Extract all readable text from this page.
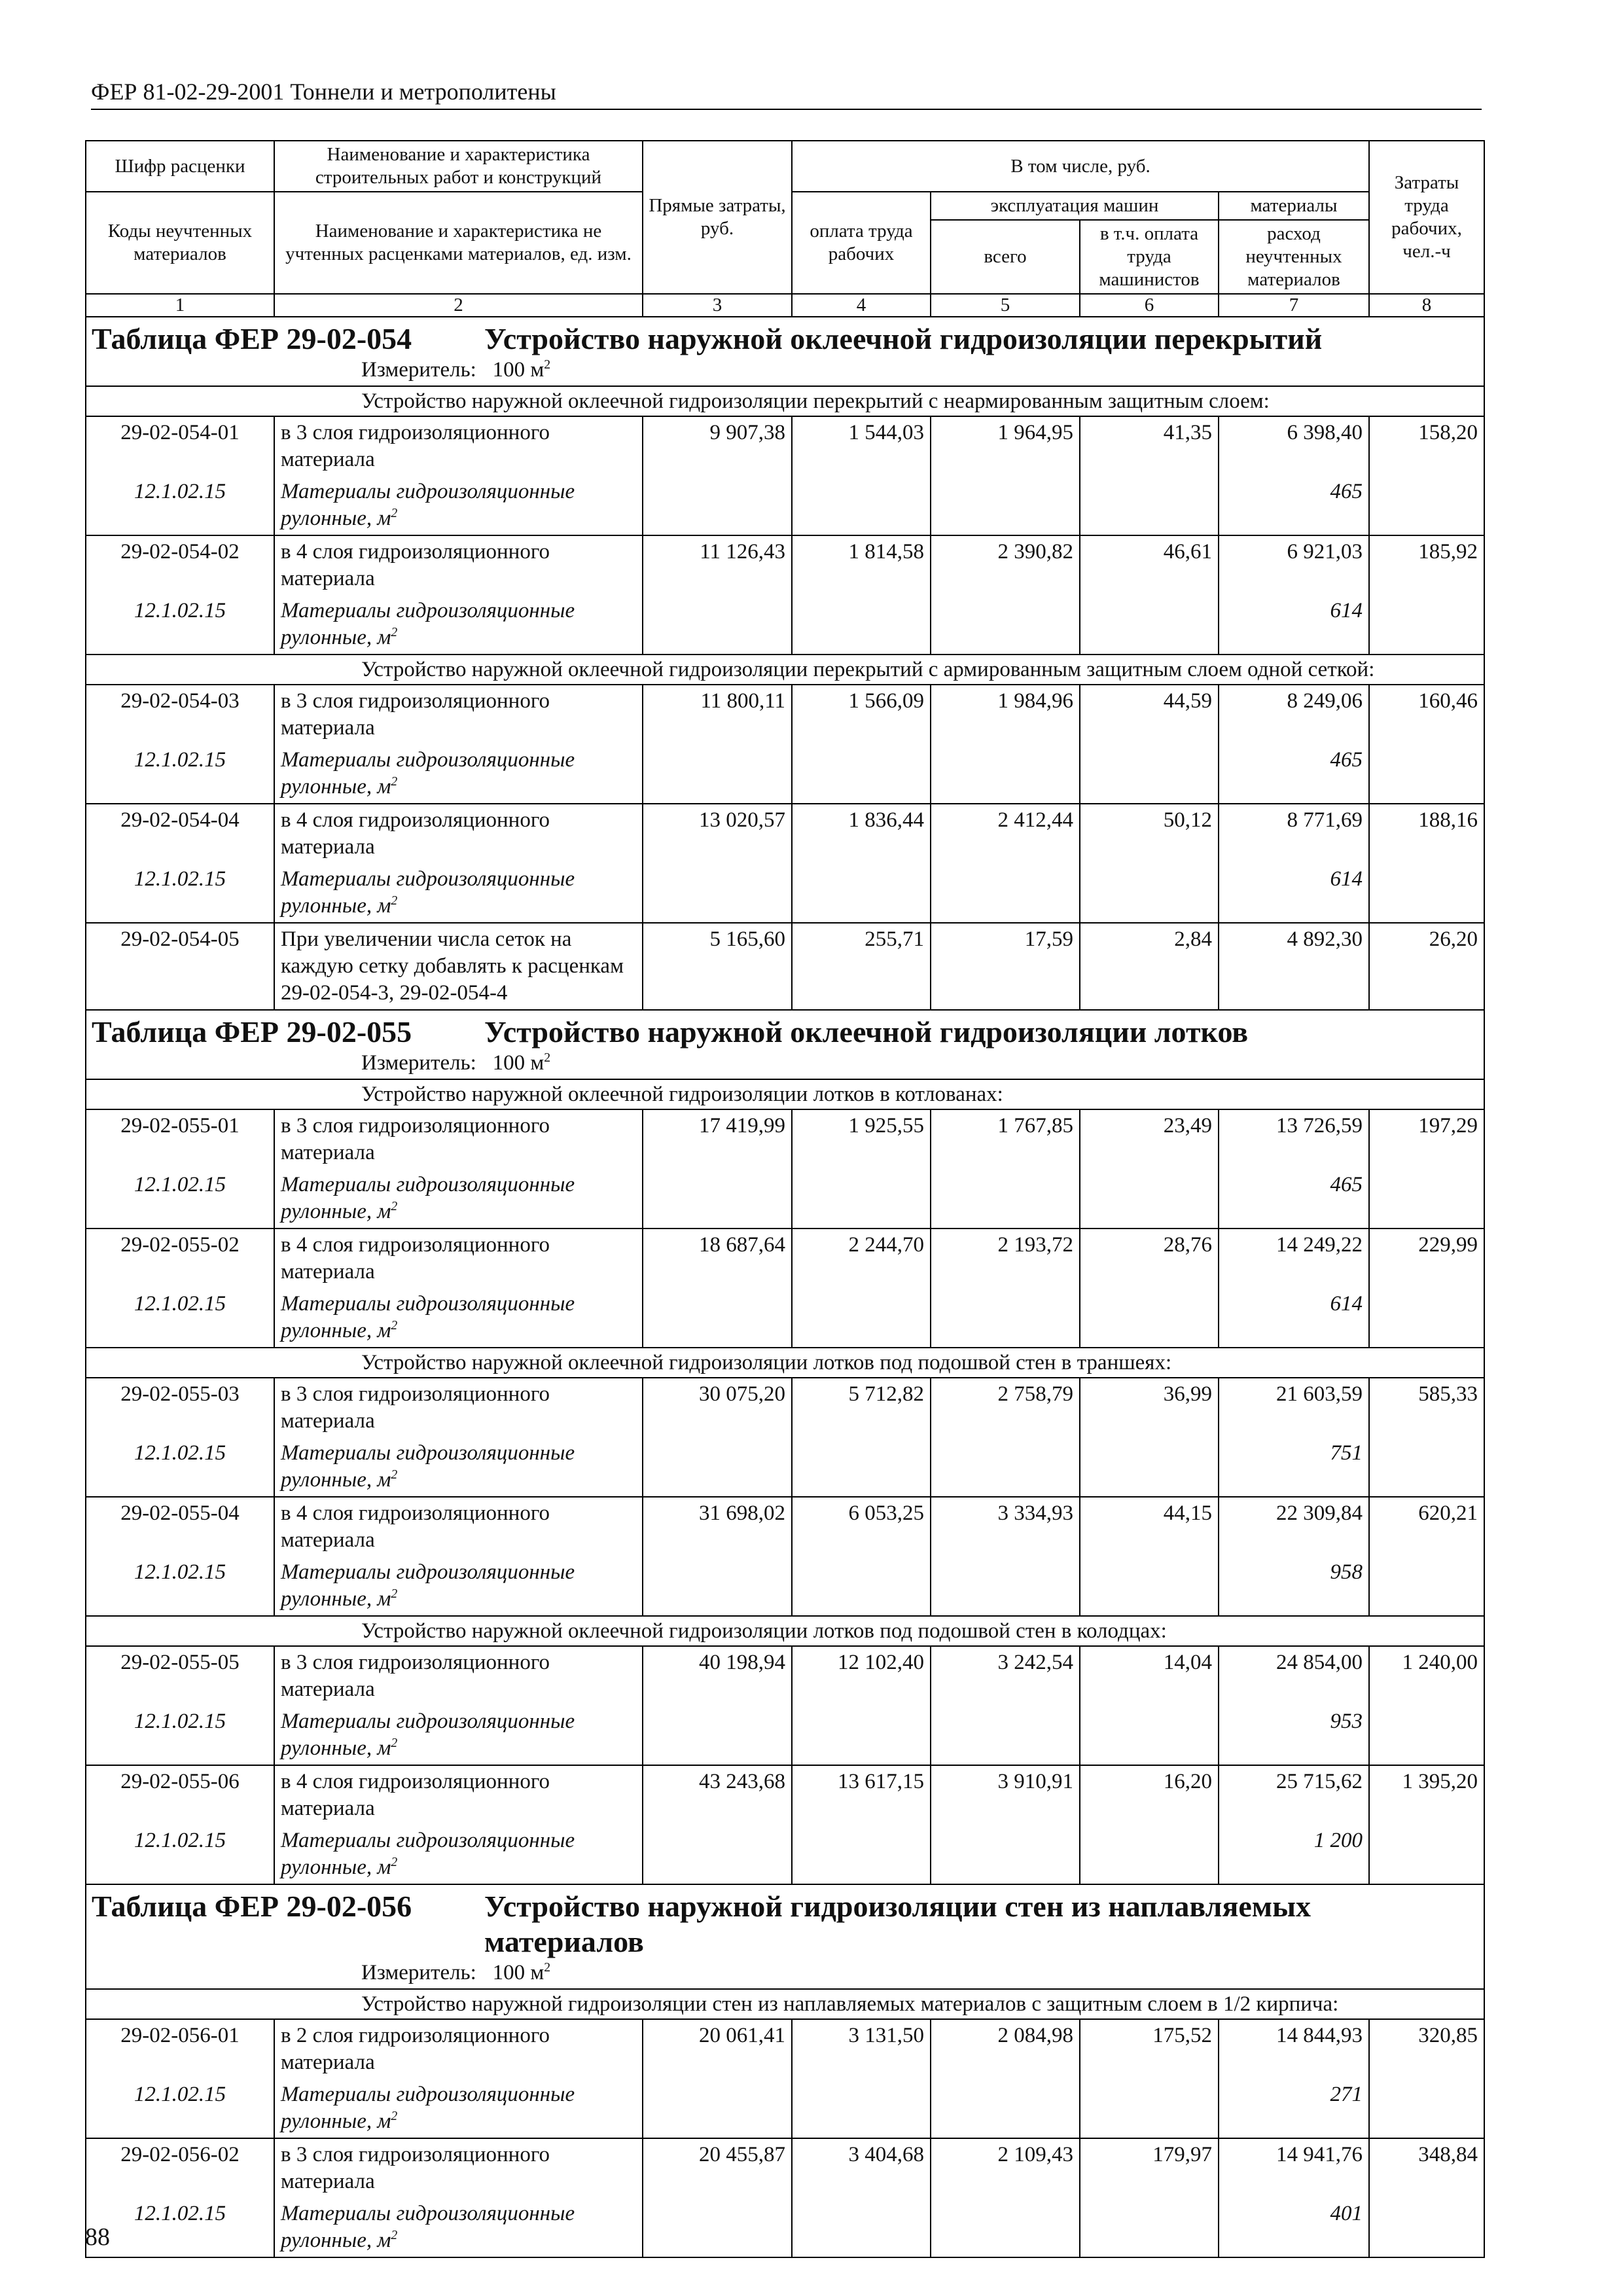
ФЕР 81-02-29-2001 Тоннели и метрополитены
Шифр расценки	Наименование и характеристика строительных работ и конструкций	Прямые затраты, руб.	В том числе, руб.				Затраты труда рабочих, чел.-ч
Коды неучтенных материалов	Наименование и характеристика не учтенных расценками материалов, ед. изм.						
			оплата труда рабочих	эксплуатация машин		материалы	
				всего	в т.ч. оплата труда машинистов	расход неучтенных материалов	
1	2	3	4	5	6	7	8
Таблица ФЕР 29-02-054 Устройство наружной оклеечной гидроизоляции перекрытий							
Измеритель: 100 $м^2$
Устройство наружной оклеечной гидроизоляции перекрытий с неармированным защитным слоем:							
29-02-054-01	в 3 слоя гидроизоляционного материала	9 907,38	1 544,03	1 964,95	41,35	6 398,40	158,20
12.1.02.15	Материалы гидроизоляционные рулонные, $м^2$					465	
29-02-054-02	в 4 слоя гидроизоляционного материала	11 126,43	1 814,58	2 390,82	46,61	6 921,03	185,92
12.1.02.15	Материалы гидроизоляционные рулонные, $м^2$					614	
Устройство наружной оклеечной гидроизоляции перекрытий с армированным защитным слоем одной сеткой:							
29-02-054-03	в 3 слоя гидроизоляционного материала	11 800,11	1 566,09	1 984,96	44,59	8 249,06	160,46
12.1.02.15	Материалы гидроизоляционные рулонные, $м^2$					465	
29-02-054-04	в 4 слоя гидроизоляционного материала	13 020,57	1 836,44	2 412,44	50,12	8 771,69	188,16
12.1.02.15	Материалы гидроизоляционные рулонные, $м^2$					614	
29-02-054-05	При увеличении числа сеток на каждую сетку добавлять к расценкам 29-02-054-3, 29-02-054-4	5 165,60	255,71	17,59	2,84	4 892,30	26,20
Таблица ФЕР 29-02-055 Устройство наружной оклеечной гидроизоляции лотков							
Измеритель: 100 $м^2$
Устройство наружной оклеечной гидроизоляции лотков в котлованах:							
29-02-055-01	в 3 слоя гидроизоляционного материала	17 419,99	1 925,55	1 767,85	23,49	13 726,59	197,29
12.1.02.15	Материалы гидроизоляционные рулонные, $м^2$					465	
29-02-055-02	в 4 слоя гидроизоляционного материала	18 687,64	2 244,70	2 193,72	28,76	14 249,22	229,99
12.1.02.15	Материалы гидроизоляционные рулонные, $м^2$					614	
Устройство наружной оклеечной гидроизоляции лотков под подошвой стен в траншеях:							
29-02-055-03	в 3 слоя гидроизоляционного материала	30 075,20	5 712,82	2 758,79	36,99	21 603,59	585,33
12.1.02.15	Материалы гидроизоляционные рулонные, $м^2$					751	
29-02-055-04	в 4 слоя гидроизоляционного материала	31 698,02	6 053,25	3 334,93	44,15	22 309,84	620,21
12.1.02.15	Материалы гидроизоляционные рулонные, $м^2$					958	
Устройство наружной оклеечной гидроизоляции лотков под подошвой стен в колодцах:							
29-02-055-05	в 3 слоя гидроизоляционного материала	40 198,94	12 102,40	3 242,54	14,04	24 854,00	1 240,00
12.1.02.15	Материалы гидроизоляционные рулонные, $м^2$					953	
29-02-055-06	в 4 слоя гидроизоляционного материала	43 243,68	13 617,15	3 910,91	16,20	25 715,62	1 395,20
12.1.02.15	Материалы гидроизоляционные рулонные, $м^2$					1 200	
Таблица ФЕР 29-02-056 Устройство наружной гидроизоляции стен из наплавляемых материалов							
Измеритель: 100 $м^2$
Устройство наружной гидроизоляции стен из наплавляемых материалов с защитным слоем в 1/2 кирпича:							
29-02-056-01	в 2 слоя гидроизоляционного материала	20 061,41	3 131,50	2 084,98	175,52	14 844,93	320,85
12.1.02.15	Материалы гидроизоляционные рулонные, $м^2$					271	
29-02-056-02	в 3 слоя гидроизоляционного материала	20 455,87	3 404,68	2 109,43	179,97	14 941,76	348,84
12.1.02.15	Материалы гидроизоляционные рулонные, $м^2$					401	
88
